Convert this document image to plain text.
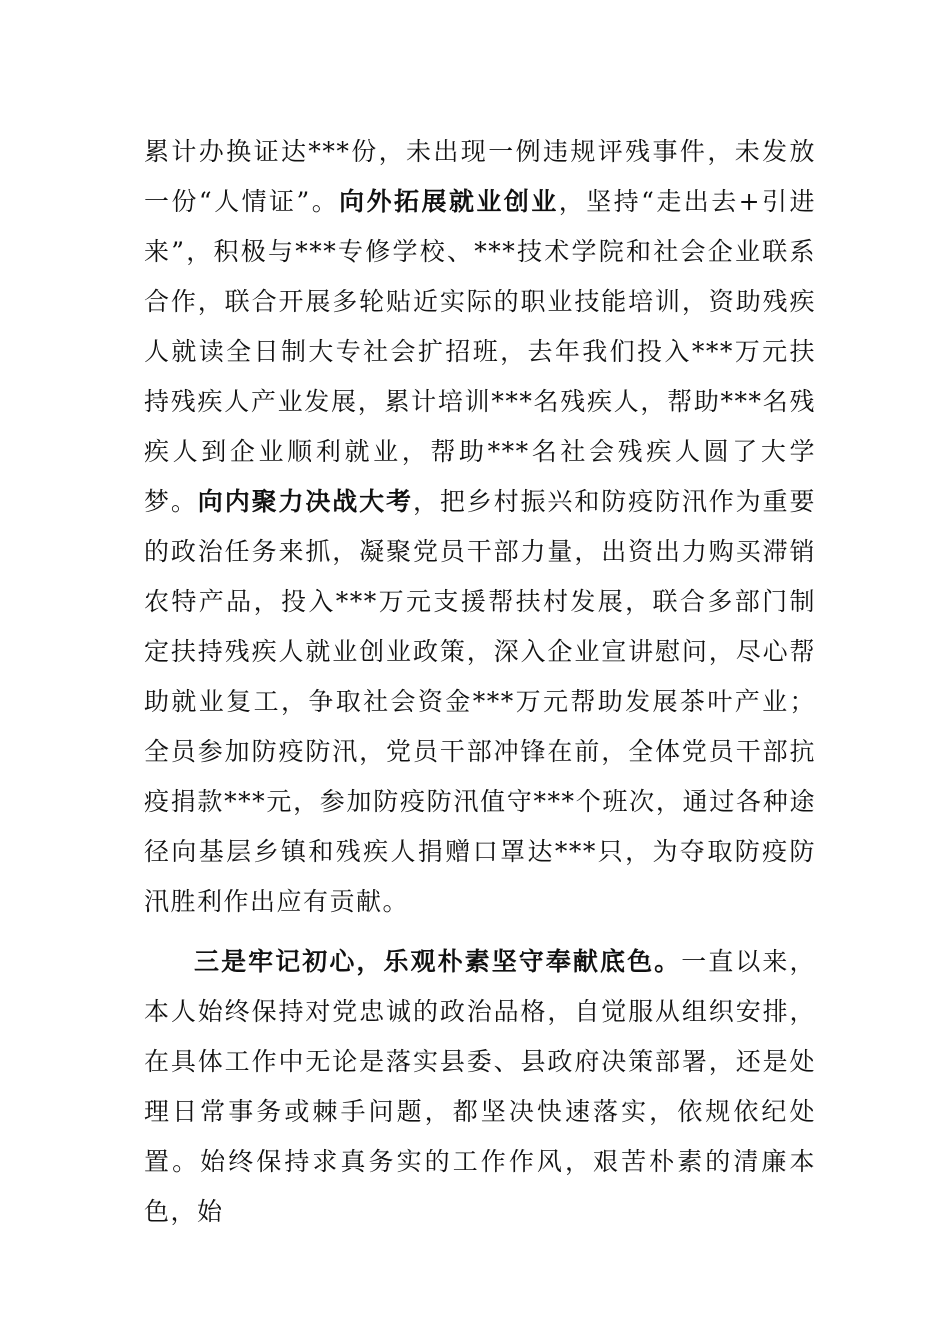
累计办换证达***份，未出现一例违规评残事件，未发放一份“人情证”。向外拓展就业创业，坚持“走出去+引进来”，积极与***专修学校、***技术学院和社会企业联系合作，联合开展多轮贴近实际的职业技能培训，资助残疾人就读全日制大专社会扩招班，去年我们投入***万元扶持残疾人产业发展，累计培训***名残疾人，帮助***名残疾人到企业顺利就业，帮助***名社会残疾人圆了大学梦。向内聚力决战大考，把乡村振兴和防疫防汛作为重要的政治任务来抓，凝聚党员干部力量，出资出力购买滞销农特产品，投入***万元支援帮扶村发展，联合多部门制定扶持残疾人就业创业政策，深入企业宣讲慰问，尽心帮助就业复工，争取社会资金***万元帮助发展茶叶产业；全员参加防疫防汛，党员干部冲锋在前，全体党员干部抗疫捐款***元，参加防疫防汛值守***个班次，通过各种途径向基层乡镇和残疾人捐赠口罩达***只，为夺取防疫防汛胜利作出应有贡献。

三是牢记初心，乐观朴素坚守奉献底色。一直以来，本人始终保持对党忠诚的政治品格，自觉服从组织安排，在具体工作中无论是落实县委、县政府决策部署，还是处理日常事务或棘手问题，都坚决快速落实，依规依纪处置。始终保持求真务实的工作作风，艰苦朴素的清廉本色，始
